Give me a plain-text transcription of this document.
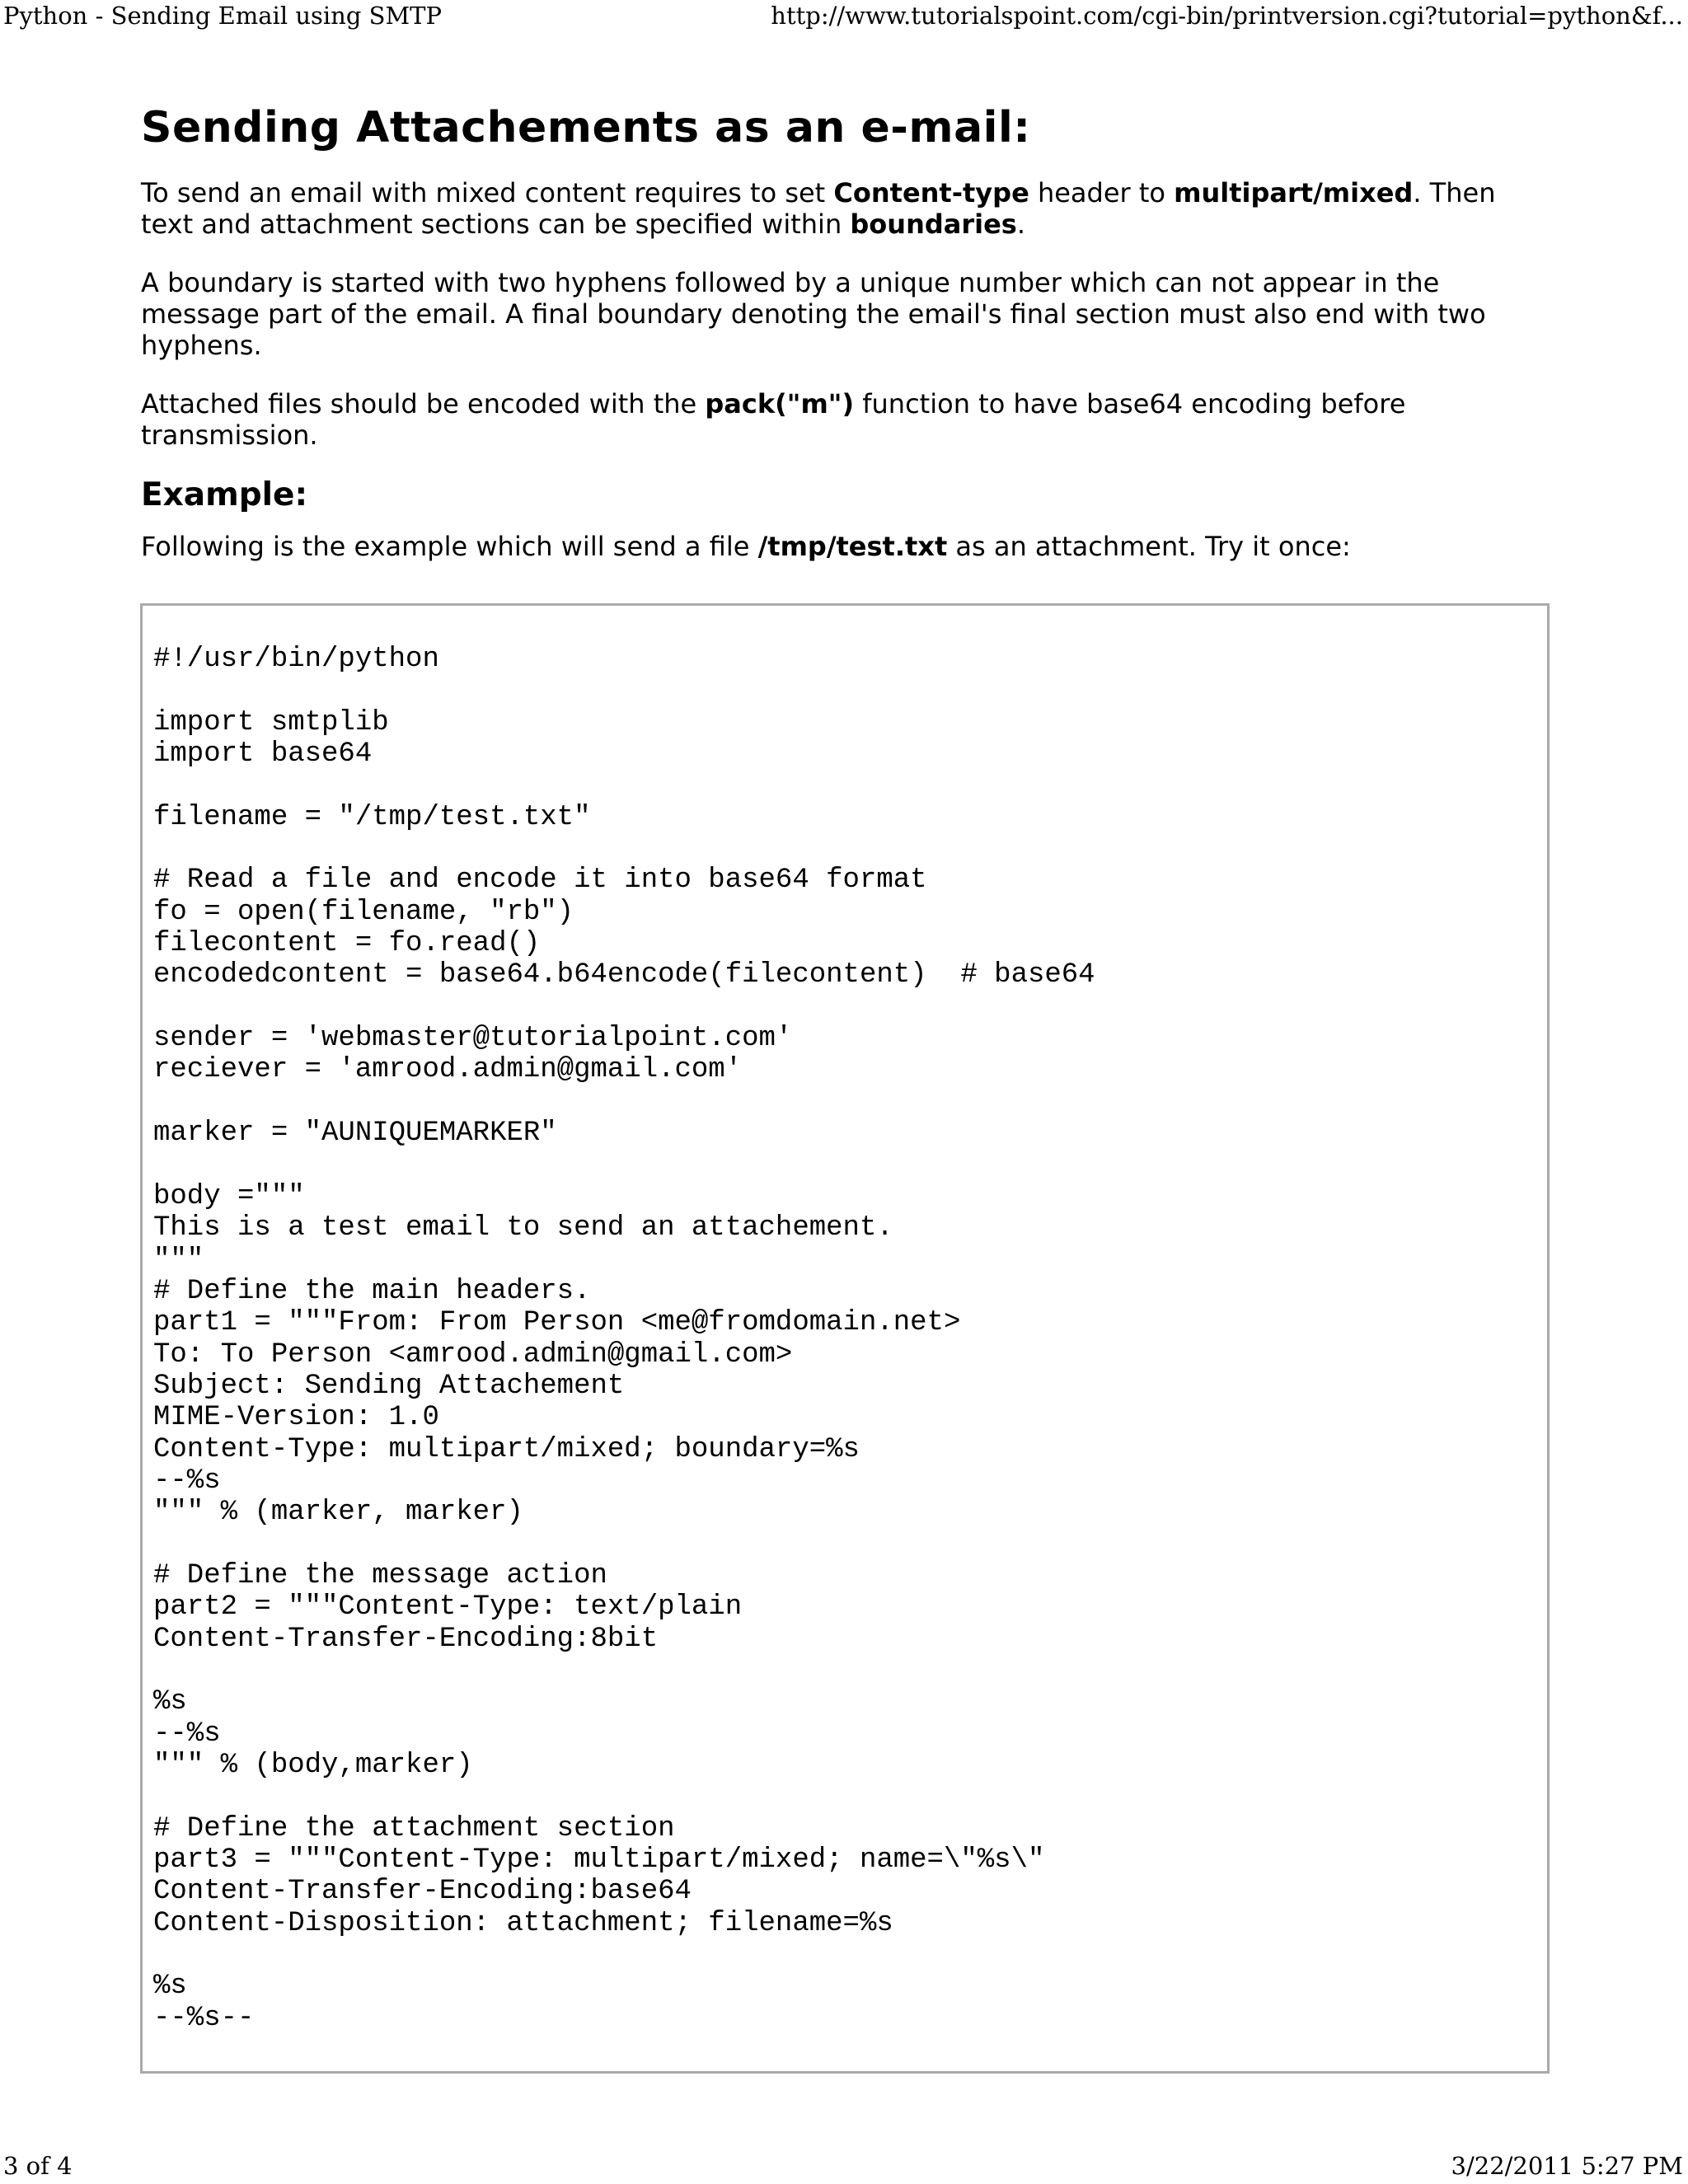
Python - Sending Email using SMTP	http://www.tutorialspoint.com/cgi-bin/printversion.cgi?tutorial=python&f...
Sending Attachements as an e-mail:

To send an email with mixed content requires to set Content-type header to multipart/mixed. Then
text and attachment sections can be specified within boundaries.

A boundary is started with two hyphens followed by a unique number which can not appear in the
message part of the email. A final boundary denoting the email's final section must also end with two
hyphens.

Attached files should be encoded with the pack("m") function to have base64 encoding before
transmission.

Example:

Following is the example which will send a file /tmp/test.txt as an attachment. Try it once:

#!/usr/bin/python

import smtplib
import base64

filename = "/tmp/test.txt"

# Read a file and encode it into base64 format
fo = open(filename, "rb")
filecontent = fo.read()
encodedcontent = base64.b64encode(filecontent)  # base64

sender = 'webmaster@tutorialpoint.com'
reciever = 'amrood.admin@gmail.com'

marker = "AUNIQUEMARKER"

body ="""
This is a test email to send an attachement.
"""
# Define the main headers.
part1 = """From: From Person <me@fromdomain.net>
To: To Person <amrood.admin@gmail.com>
Subject: Sending Attachement
MIME-Version: 1.0
Content-Type: multipart/mixed; boundary=%s
--%s
""" % (marker, marker)

# Define the message action
part2 = """Content-Type: text/plain
Content-Transfer-Encoding:8bit

%s
--%s
""" % (body,marker)

# Define the attachment section
part3 = """Content-Type: multipart/mixed; name=\"%s\"
Content-Transfer-Encoding:base64
Content-Disposition: attachment; filename=%s

%s
--%s--
3 of 4	3/22/2011 5:27 PM
